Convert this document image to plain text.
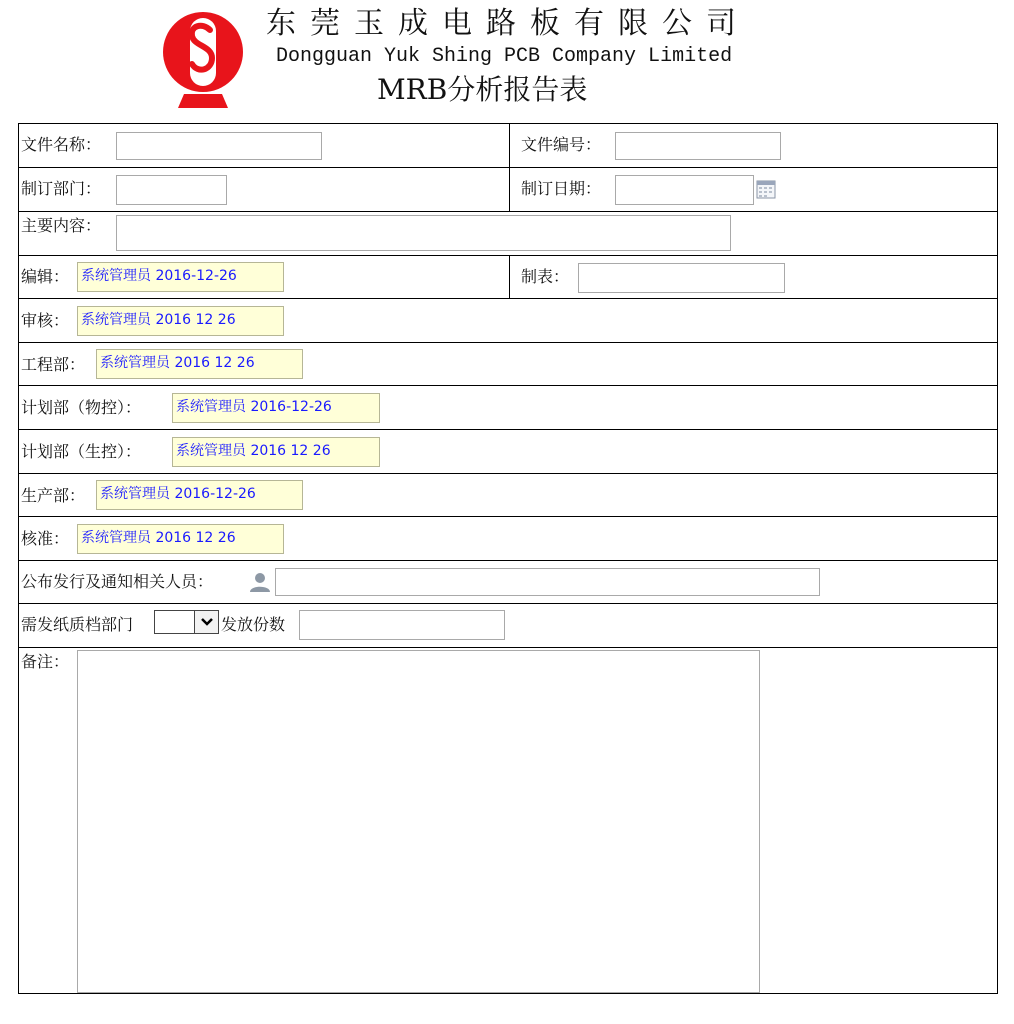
东莞玉成电路板有限公司
Dongguan Yuk Shing PCB Company Limited
MRB分析报告表
文件名称：	文件编号：
制订部门：	制订日期：
主要内容：
编辑： 系统管理员 2016-12-26	制表：
审核： 系统管理员 2016 12 26
工程部： 系统管理员 2016 12 26
计划部（物控）： 系统管理员 2016-12-26
计划部（生控）： 系统管理员 2016 12 26
生产部： 系统管理员 2016-12-26
核准： 系统管理员 2016 12 26
公布发行及通知相关人员：
需发纸质档部门	发放份数
备注：
